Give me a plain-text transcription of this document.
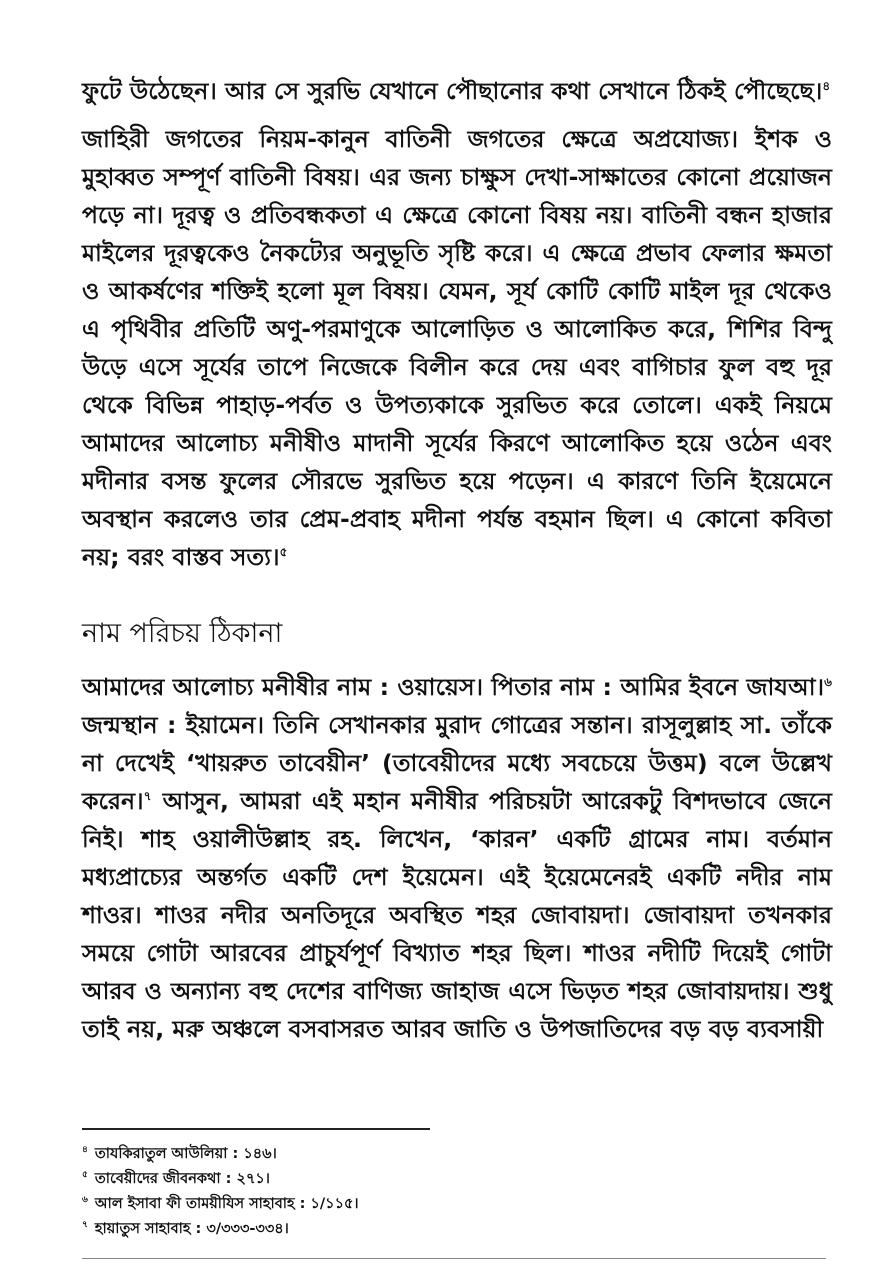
ফুটে উঠেছেন। আর সে সুরভি যেখানে পৌছানোর কথা সেখানে ঠিকই পৌছেছে।$^৪$

জাহিরী জগতের নিয়ম-কানুন বাতিনী জগতের ক্ষেত্রে অপ্রযোজ্য। ইশক ও মুহাব্বত সম্পূর্ণ বাতিনী বিষয়। এর জন্য চাক্ষুস দেখা-সাক্ষাতের কোনো প্রয়োজন পড়ে না। দূরত্ব ও প্রতিবন্ধকতা এ ক্ষেত্রে কোনো বিষয় নয়। বাতিনী বন্ধন হাজার মাইলের দূরত্বকেও নৈকট্যের অনুভূতি সৃষ্টি করে। এ ক্ষেত্রে প্রভাব ফেলার ক্ষমতা ও আকর্ষণের শক্তিই হলো মূল বিষয়। যেমন, সূর্য কোটি কোটি মাইল দূর থেকেও এ পৃথিবীর প্রতিটি অণু-পরমাণুকে আলোড়িত ও আলোকিত করে, শিশির বিন্দু উড়ে এসে সূর্যের তাপে নিজেকে বিলীন করে দেয় এবং বাগিচার ফুল বহু দূর থেকে বিভিন্ন পাহাড়-পর্বত ও উপত্যকাকে সুরভিত করে তোলে। একই নিয়মে আমাদের আলোচ্য মনীষীও মাদানী সূর্যের কিরণে আলোকিত হয়ে ওঠেন এবং মদীনার বসন্ত ফুলের সৌরভে সুরভিত হয়ে পড়েন। এ কারণে তিনি ইয়েমেনে অবস্থান করলেও তার প্রেম-প্রবাহ মদীনা পর্যন্ত বহমান ছিল। এ কোনো কবিতা নয়; বরং বাস্তব সত্য।$^৫$

নাম পরিচয় ঠিকানা

আমাদের আলোচ্য মনীষীর নাম : ওয়ায়েস। পিতার নাম : আমির ইবনে জাযআ।$^৬$ জন্মস্থান : ইয়ামেন। তিনি সেখানকার মুরাদ গোত্রের সন্তান। রাসূলুল্লাহ সা. তাঁকে না দেখেই ‘খায়রুত তাবেয়ীন’ (তাবেয়ীদের মধ্যে সবচেয়ে উত্তম) বলে উল্লেখ করেন।$^৭$ আসুন, আমরা এই মহান মনীষীর পরিচয়টা আরেকটু বিশদভাবে জেনে নিই। শাহ ওয়ালীউল্লাহ রহ. লিখেন, ‘কারন’ একটি গ্রামের নাম। বর্তমান মধ্যপ্রাচ্যের অন্তর্গত একটি দেশ ইয়েমেন। এই ইয়েমেনেরই একটি নদীর নাম শাওর। শাওর নদীর অনতিদূরে অবস্থিত শহর জোবায়দা। জোবায়দা তখনকার সময়ে গোটা আরবের প্রাচুর্যপূর্ণ বিখ্যাত শহর ছিল। শাওর নদীটি দিয়েই গোটা আরব ও অন্যান্য বহু দেশের বাণিজ্য জাহাজ এসে ভিড়ত শহর জোবায়দায়। শুধু তাই নয়, মরু অঞ্চলে বসবাসরত আরব জাতি ও উপজাতিদের বড় বড় ব্যবসায়ী

$^৪$ তাযকিরাতুল আউলিয়া : ১৪৬।
$^৫$ তাবেয়ীদের জীবনকথা : ২৭১।
$^৬$ আল ইসাবা ফী তাময়ীযিস সাহাবাহ : ১/১১৫।
$^৭$ হায়াতুস সাহাবাহ : ৩/৩৩৩-৩৩৪।
